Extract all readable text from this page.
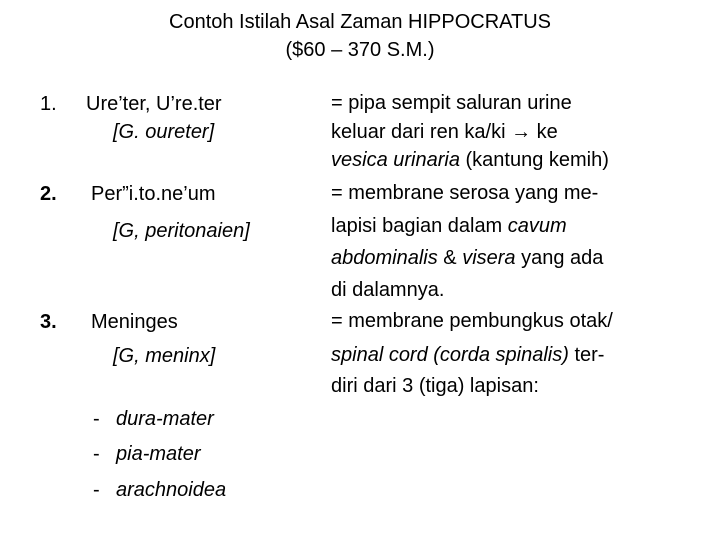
Contoh Istilah Asal Zaman HIPPOCRATUS
($60 – 370 S.M.)
1. Ure’ter, U’re.ter
[G. oureter]
2. Per”i.to.ne’um
[G, peritonaien]
3. Meninges
[G, meninx]
- dura-mater
- pia-mater
- arachnoidea
= pipa sempit saluran urine
keluar dari ren ka/ki → ke
vesica urinaria (kantung kemih)
= membrane serosa yang me-
lapisi bagian dalam cavum
abdominalis & visera yang ada
di dalamnya.
= membrane pembungkus otak/
spinal cord (corda spinalis) ter-
diri dari 3 (tiga) lapisan:
